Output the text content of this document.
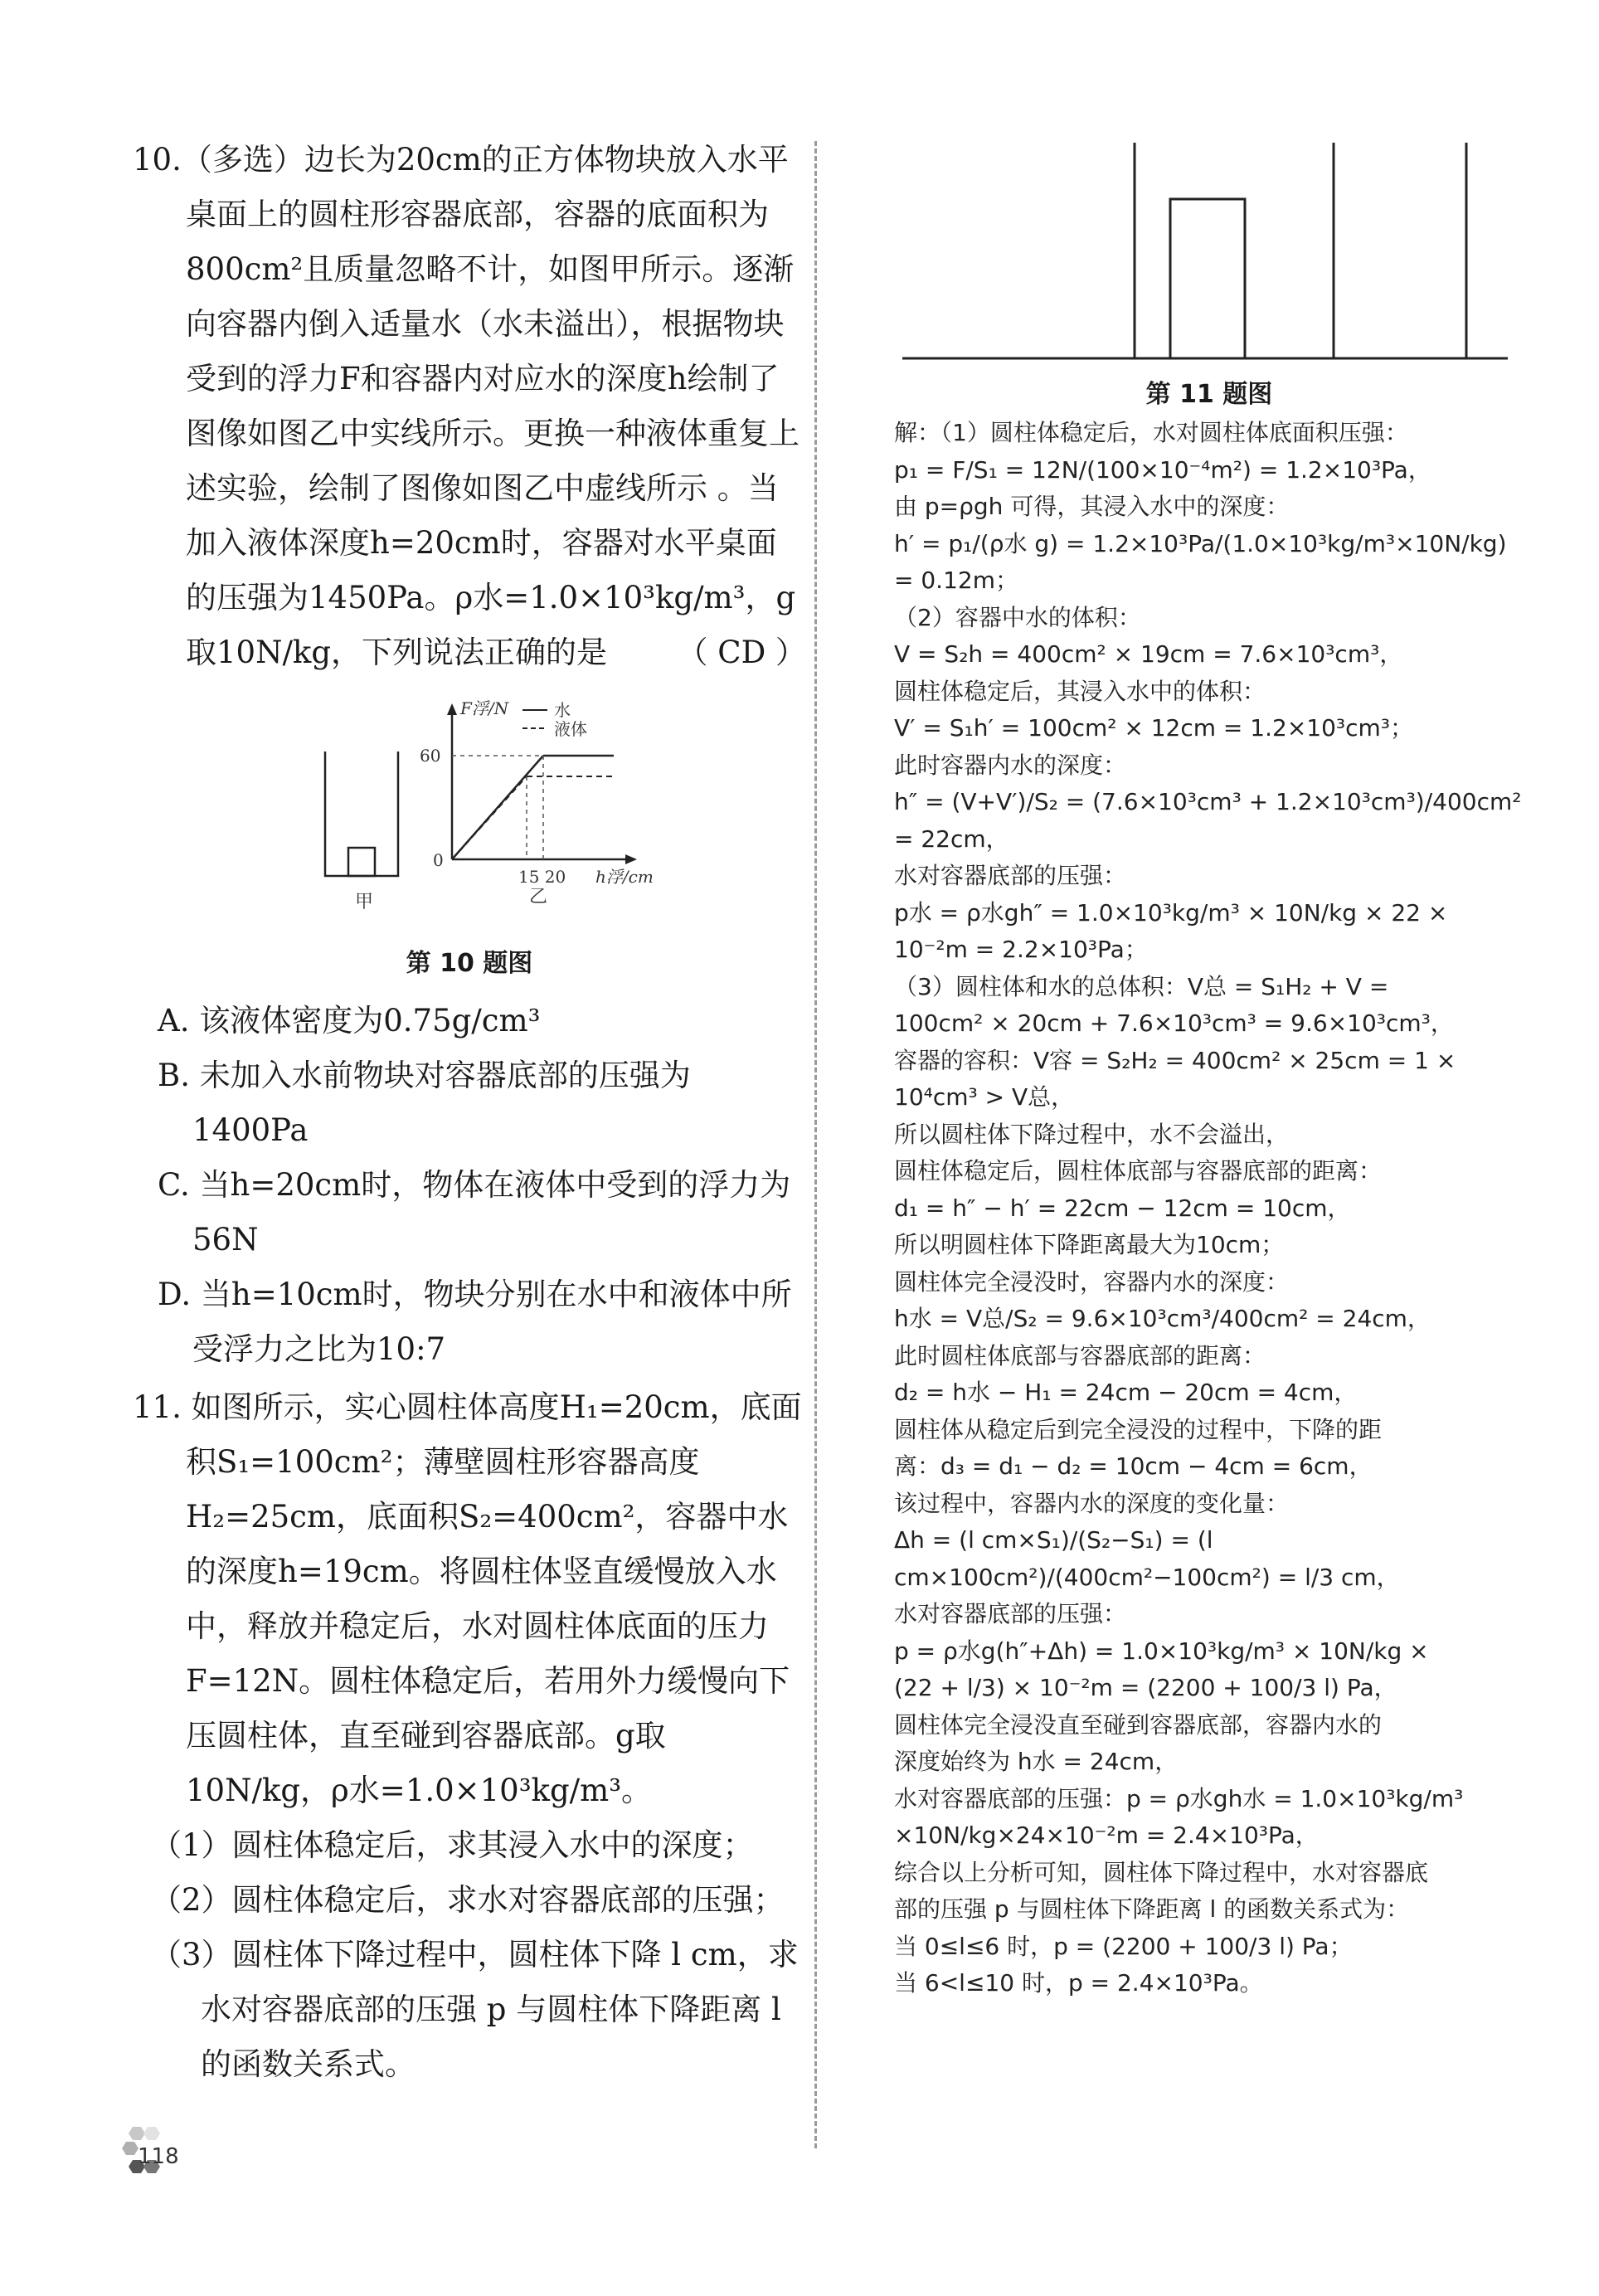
10.（多选）边长为20cm的正方体物块放入水平桌面上的圆柱形容器底部，容器的底面积为800cm²且质量忽略不计，如图甲所示。逐渐向容器内倒入适量水（水未溢出），根据物块受到的浮力F和容器内对应水的深度h绘制了图像如图乙中实线所示。更换一种液体重复上述实验，绘制了图像如图乙中虚线所示 。当加入液体深度h=20cm时，容器对水平桌面的压强为1450Pa。ρ水=1.0×10³kg/m³，g取10N/kg，下列说法正确的是 （ CD ）

甲
F浮/N	水
液体
60
0
15 20 h浮/cm
乙
第 10 题图

A. 该液体密度为0.75g/cm³

B. 未加入水前物块对容器底部的压强为1400Pa

C. 当h=20cm时，物体在液体中受到的浮力为56N

D. 当h=10cm时，物块分别在水中和液体中所受浮力之比为10:7

11. 如图所示，实心圆柱体高度H₁=20cm，底面积S₁=100cm²；薄壁圆柱形容器高度H₂=25cm，底面积S₂=400cm²，容器中水的深度h=19cm。将圆柱体竖直缓慢放入水中，释放并稳定后，水对圆柱体底面的压力F=12N。圆柱体稳定后，若用外力缓慢向下压圆柱体，直至碰到容器底部。g取10N/kg，ρ水=1.0×10³kg/m³。

（1）圆柱体稳定后，求其浸入水中的深度；

（2）圆柱体稳定后，求水对容器底部的压强；

（3）圆柱体下降过程中，圆柱体下降 l cm，求水对容器底部的压强 p 与圆柱体下降距离 l 的函数关系式。

第 11 题图

解：（1）圆柱体稳定后，水对圆柱体底面积压强：

p₁ = F/S₁ = 12N/(100×10⁻⁴m²) = 1.2×10³Pa，

由 p=ρgh 可得，其浸入水中的深度：

h′ = p₁/(ρ水 g) = 1.2×10³Pa/(1.0×10³kg/m³×10N/kg) = 0.12m；

（2）容器中水的体积：

V = S₂h = 400cm² × 19cm = 7.6×10³cm³，

圆柱体稳定后，其浸入水中的体积：

V′ = S₁h′ = 100cm² × 12cm = 1.2×10³cm³；

此时容器内水的深度：

h″ = (V+V′)/S₂ = (7.6×10³cm³ + 1.2×10³cm³)/400cm² = 22cm，

水对容器底部的压强：

p水 = ρ水gh″ = 1.0×10³kg/m³ × 10N/kg × 22 ×

10⁻²m = 2.2×10³Pa；

（3）圆柱体和水的总体积：V总 = S₁H₂ + V =

100cm² × 20cm + 7.6×10³cm³ = 9.6×10³cm³，

容器的容积：V容 = S₂H₂ = 400cm² × 25cm = 1 ×

10⁴cm³ > V总，

所以圆柱体下降过程中，水不会溢出，

圆柱体稳定后，圆柱体底部与容器底部的距离：

d₁ = h″ − h′ = 22cm − 12cm = 10cm，

所以明圆柱体下降距离最大为10cm；

圆柱体完全浸没时，容器内水的深度：

h水 = V总/S₂ = 9.6×10³cm³/400cm² = 24cm，

此时圆柱体底部与容器底部的距离：

d₂ = h水 − H₁ = 24cm − 20cm = 4cm，

圆柱体从稳定后到完全浸没的过程中，下降的距

离：d₃ = d₁ − d₂ = 10cm − 4cm = 6cm，

该过程中，容器内水的深度的变化量：

Δh = (l cm×S₁)/(S₂−S₁) = (l cm×100cm²)/(400cm²−100cm²) = l/3 cm，

水对容器底部的压强：

p = ρ水g(h″+Δh) = 1.0×10³kg/m³ × 10N/kg ×

(22 + l/3) × 10⁻²m = (2200 + 100/3 l) Pa，

圆柱体完全浸没直至碰到容器底部，容器内水的

深度始终为 h水 = 24cm，

水对容器底部的压强：p = ρ水gh水 = 1.0×10³kg/m³

×10N/kg×24×10⁻²m = 2.4×10³Pa，

综合以上分析可知，圆柱体下降过程中，水对容器底

部的压强 p 与圆柱体下降距离 l 的函数关系式为：

当 0≤l≤6 时，p = (2200 + 100/3 l) Pa；

当 6<l≤10 时，p = 2.4×10³Pa。

118
